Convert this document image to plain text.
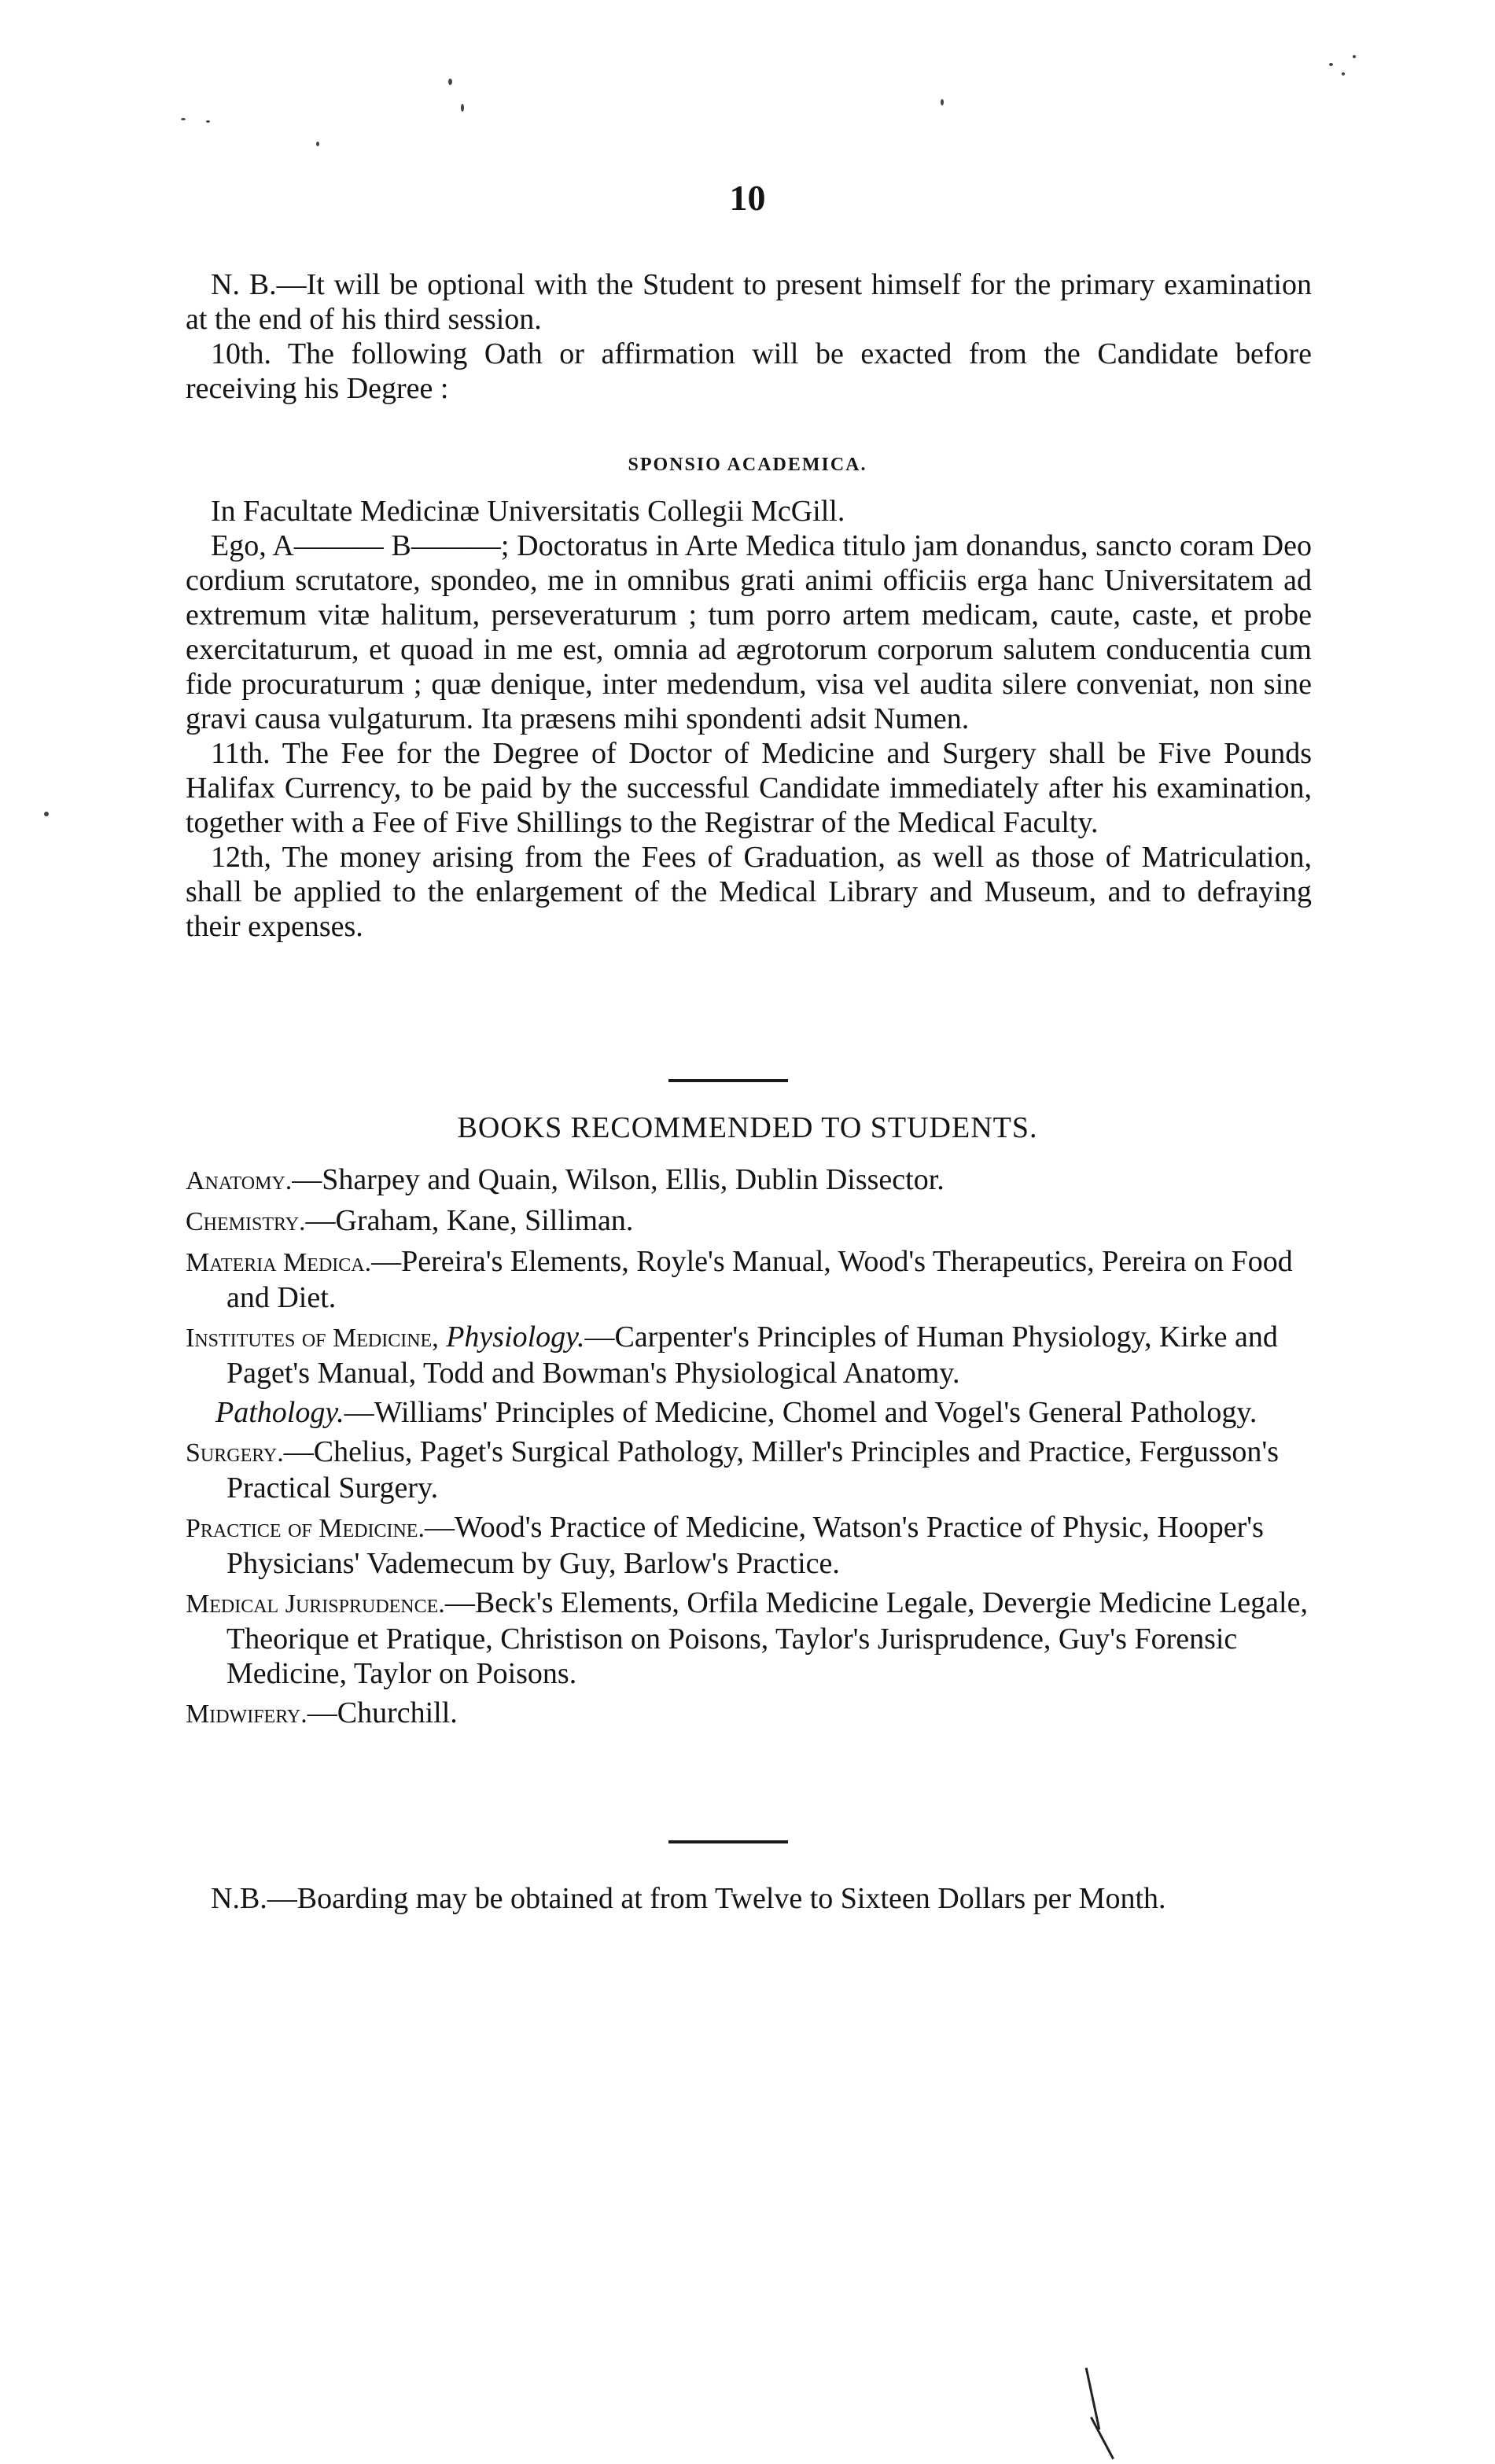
10

N. B.—It will be optional with the Student to present himself for the primary examination at the end of his third session.

10th. The following Oath or affirmation will be exacted from the Candidate before receiving his Degree :

SPONSIO ACADEMICA.

In Facultate Medicinæ Universitatis Collegii McGill.

Ego, A——— B———; Doctoratus in Arte Medica titulo jam donandus, sancto coram Deo cordium scrutatore, spondeo, me in omnibus grati animi officiis erga hanc Universitatem ad extremum vitæ halitum, perseveraturum ; tum porro artem medicam, caute, caste, et probe exercitaturum, et quoad in me est, omnia ad ægrotorum corporum salutem conducentia cum fide procuraturum ; quæ denique, inter medendum, visa vel audita silere conveniat, non sine gravi causa vulgaturum. Ita præsens mihi spondenti adsit Numen.

11th. The Fee for the Degree of Doctor of Medicine and Surgery shall be Five Pounds Halifax Currency, to be paid by the successful Candidate immediately after his examination, together with a Fee of Five Shillings to the Registrar of the Medical Faculty.

12th, The money arising from the Fees of Graduation, as well as those of Matriculation, shall be applied to the enlargement of the Medical Library and Museum, and to defraying their expenses.

BOOKS RECOMMENDED TO STUDENTS.

Anatomy.—Sharpey and Quain, Wilson, Ellis, Dublin Dissector.

Chemistry.—Graham, Kane, Silliman.

Materia Medica.—Pereira's Elements, Royle's Manual, Wood's Therapeutics, Pereira on Food and Diet.

Institutes of Medicine, Physiology.—Carpenter's Principles of Human Physiology, Kirke and Paget's Manual, Todd and Bowman's Physiological Anatomy.

Pathology.—Williams' Principles of Medicine, Chomel and Vogel's General Pathology.

Surgery.—Chelius, Paget's Surgical Pathology, Miller's Principles and Practice, Fergusson's Practical Surgery.

Practice of Medicine.—Wood's Practice of Medicine, Watson's Practice of Physic, Hooper's Physicians' Vademecum by Guy, Barlow's Practice.

Medical Jurisprudence.—Beck's Elements, Orfila Medicine Legale, Devergie Medicine Legale, Theorique et Pratique, Christison on Poisons, Taylor's Jurisprudence, Guy's Forensic Medicine, Taylor on Poisons.

Midwifery.—Churchill.

N.B.—Boarding may be obtained at from Twelve to Sixteen Dollars per Month.
